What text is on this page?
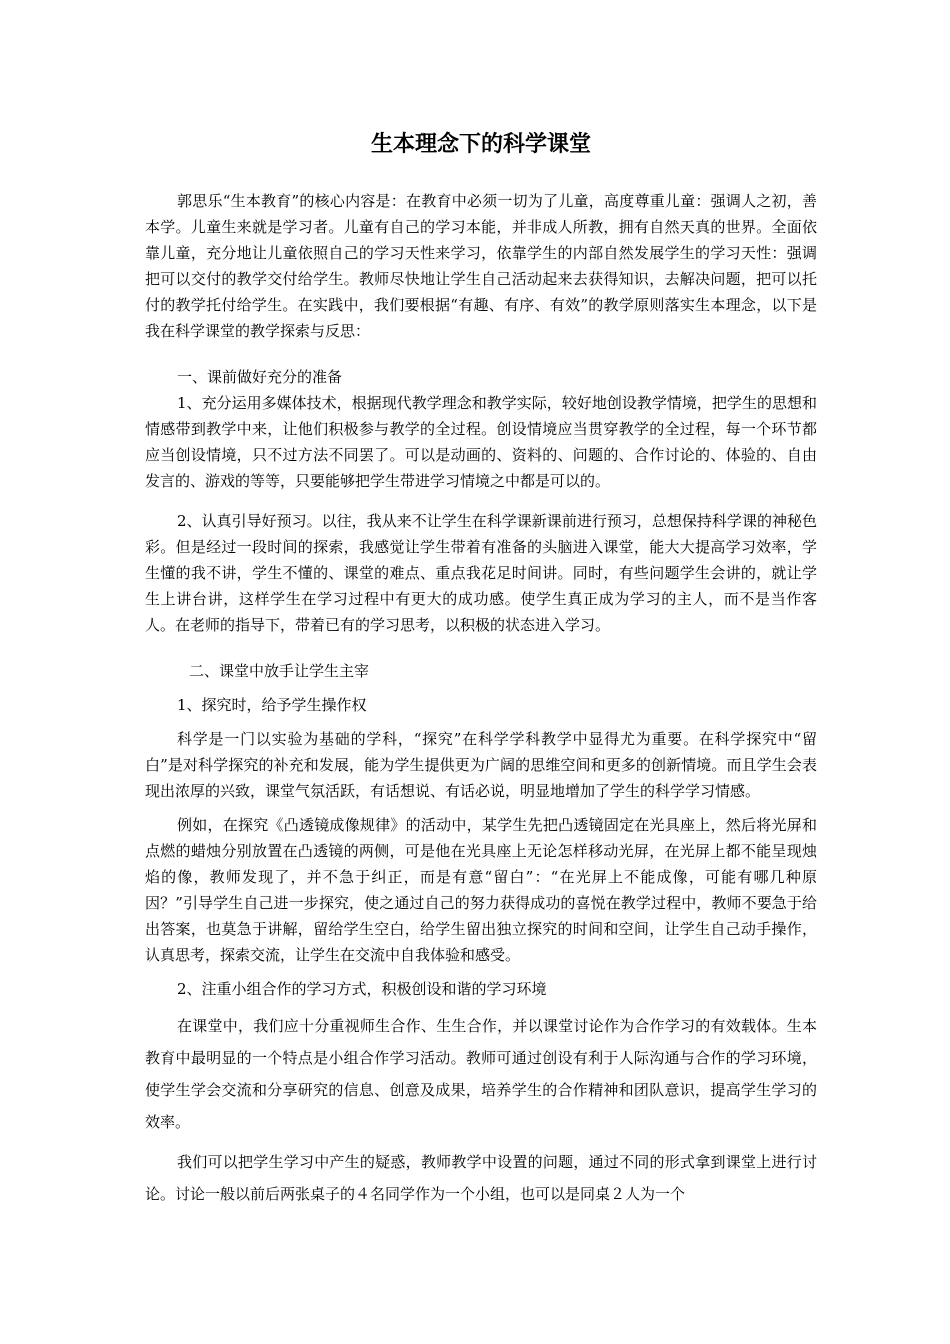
生本理念下的科学课堂

郭思乐“生本教育”的核心内容是：在教育中必须一切为了儿童，高度尊重儿童：强调人之初，善本学。儿童生来就是学习者。儿童有自己的学习本能，并非成人所教，拥有自然天真的世界。全面依靠儿童，充分地让儿童依照自己的学习天性来学习，依靠学生的内部自然发展学生的学习天性：强调把可以交付的教学交付给学生。教师尽快地让学生自己活动起来去获得知识，去解决问题，把可以托付的教学托付给学生。在实践中，我们要根据“有趣、有序、有效”的教学原则落实生本理念，以下是我在科学课堂的教学探索与反思：

一、课前做好充分的准备

1、充分运用多媒体技术，根据现代教学理念和教学实际，较好地创设教学情境，把学生的思想和情感带到教学中来，让他们积极参与教学的全过程。创设情境应当贯穿教学的全过程，每一个环节都应当创设情境，只不过方法不同罢了。可以是动画的、资料的、问题的、合作讨论的、体验的、自由发言的、游戏的等等，只要能够把学生带进学习情境之中都是可以的。

2、认真引导好预习。以往，我从来不让学生在科学课新课前进行预习，总想保持科学课的神秘色彩。但是经过一段时间的探索，我感觉让学生带着有准备的头脑进入课堂，能大大提高学习效率，学生懂的我不讲，学生不懂的、课堂的难点、重点我花足时间讲。同时，有些问题学生会讲的，就让学生上讲台讲，这样学生在学习过程中有更大的成功感。使学生真正成为学习的主人，而不是当作客人。在老师的指导下，带着已有的学习思考，以积极的状态进入学习。

二、课堂中放手让学生主宰

1、探究时，给予学生操作权

科学是一门以实验为基础的学科，“探究”在科学学科教学中显得尤为重要。在科学探究中“留白”是对科学探究的补充和发展，能为学生提供更为广阔的思维空间和更多的创新情境。而且学生会表现出浓厚的兴致，课堂气氛活跃，有话想说、有话必说，明显地增加了学生的科学学习情感。

例如，在探究《凸透镜成像规律》的活动中，某学生先把凸透镜固定在光具座上，然后将光屏和点燃的蜡烛分别放置在凸透镜的两侧，可是他在光具座上无论怎样移动光屏，在光屏上都不能呈现烛焰的像，教师发现了，并不急于纠正，而是有意“留白”：“在光屏上不能成像，可能有哪几种原因？”引导学生自己进一步探究，使之通过自己的努力获得成功的喜悦在教学过程中，教师不要急于给出答案，也莫急于讲解，留给学生空白，给学生留出独立探究的时间和空间，让学生自己动手操作，认真思考，探索交流，让学生在交流中自我体验和感受。

2、注重小组合作的学习方式，积极创设和谐的学习环境

在课堂中，我们应十分重视师生合作、生生合作，并以课堂讨论作为合作学习的有效载体。生本教育中最明显的一个特点是小组合作学习活动。教师可通过创设有利于人际沟通与合作的学习环境，使学生学会交流和分享研究的信息、创意及成果，培养学生的合作精神和团队意识，提高学生学习的效率。

我们可以把学生学习中产生的疑惑，教师教学中设置的问题，通过不同的形式拿到课堂上进行讨论。讨论一般以前后两张桌子的４名同学作为一个小组，也可以是同桌２人为一个
